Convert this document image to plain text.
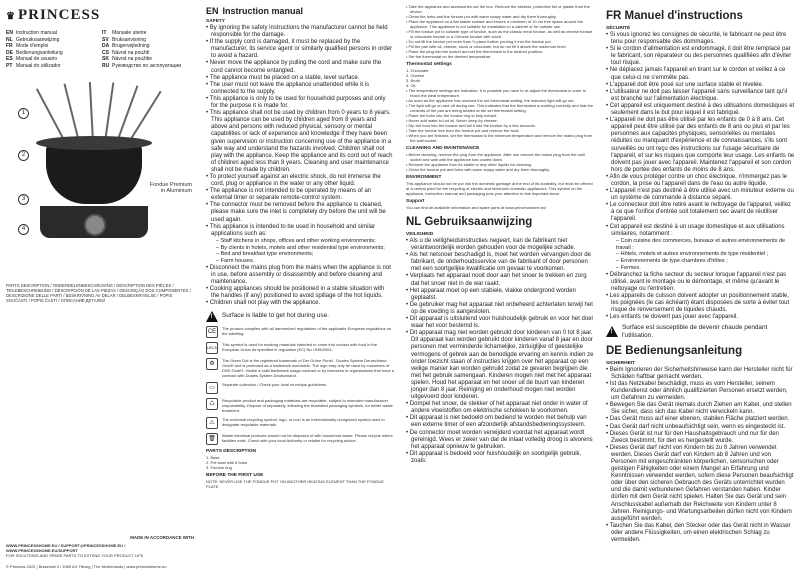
♛ PRINCESS
EN Instruction manual	IT Manuale utente
NL Gebruiksaanwijzing	SV Bruksanvisning
FR Mode d'emploi	DA Brugervejledning
DE Bedienungsanleitung	CS Návod na použití
ES Manual de usuario	SK Návod na použitie
PT Manual do utilizador	RU Руководство по эксплуатации
1
2
3
4
Fondue Premium
in Aluminium
PARTS DESCRIPTION / ONDERDELENBESCHRIJVING / DESCRIPTION DES PIÈCES / TEILEBESCHREIBUNG / DESCRIPCIÓN DE LAS PIEZAS / DESCRIÇÃO DOS COMPONENTES / DESCRIZIONE DELLE PARTI / BESKRIVNING AV DELAR / DELBESKRIVELSE / POPIS SOUČÁSTÍ / POPIS ČASTÍ / ОПИСАНИЕ ДЕТАЛЕЙ
MADE IN ACCORDANCE WITH
WWW.PRINCESSHOME.EU / SUPPORT@PRINCESSHOME.EU / WWW.PRINCESSHOME.EU/SUPPORT
FOR SOLUTIONS AND SPARE PARTS TO EXTEND YOUR PRODUCT LIFE
© Princess 2022 | Buisenrat 3 / 1069 AX Tilburg | The Netherlands | www.princesshome.eu
EN Instruction manual
SAFETY
• By ignoring the safety instructions the manufacturer cannot be held responsible for the damage.
• If the supply cord is damaged, it must be replaced by the manufacturer, its service agent or similarly qualified persons in order to avoid a hazard.
• Never move the appliance by pulling the cord and make sure the cord cannot become entangled.
• The appliance must be placed on a stable, level surface.
• The user must not leave the appliance unattended while it is connected to the supply.
• This appliance is only to be used for household purposes and only for the purpose it is made for.
• This appliance shall not be used by children from 0 years to 8 years. This appliance can be used by children aged from 8 years and above and persons with reduced physical, sensory or mental capabilities or lack of experience and knowledge if they have been given supervision or instruction concerning use of the appliance in a safe way and understand the hazards involved. Children shall not play with the appliance. Keep the appliance and its cord out of reach of children aged less than 8 years. Cleaning and user maintenance shall not be made by children.
• To protect yourself against an electric shock, do not immerse the cord, plug or appliance in the water or any other liquid.
• The appliance is not intended to be operated by means of an external timer or separate remote-control system.
• The connector must be removed before the appliance is cleaned, please make sure the inlet is completely dry before the unit will be used again.
• This appliance is intended to be used in household and similar applications such as:
– Staff kitchens in shops, offices and other working environments;
– By clients in hotels, motels and other residential type environments;
– Bed and breakfast type environments;
– Farm houses.
• Disconnect the mains plug from the mains when the appliance is not in use, before assembly or disassembly and before cleaning and maintenance.
• Cooking appliances should be positioned in a stable situation with the handles (if any) positioned to avoid spillage of the hot liquids.
• Children shall not play with the appliance.
! Surface is liable to get hot during use.
CE
The product complies with all harmonized regulations of the applicable European regulations on the labelling.
UKCA
This symbol is used for marking materials intended to come into contact with food in the European Union as specified in regulation (EC) No 1935/2004.
♻
The Green Dot is the registered trademark of Der Grüne Punkt - Duales System Deutschland GmbH and is protected as a trademark worldwide. The logo may only be used by customers of DSD GmbH. Visible a valid trademark usage contract or by licensees in organisations that have a contract with Duales System Deutschland.
▭
Separate collection / Check your local municipal guidelines.
♺
Recyclable product and packaging materials are recyclable, subject to extended manufacturer responsibility. Dispose of separately, following the illustrated packaging symbols, for better waste treatment.
⚠
The universal recycling symbol, logo, or icon is an internationally recognized symbol used to designate recyclable materials.
🗑
Waste electrical products should not be disposed of with household waste. Please recycle where facilities exist. Check with your local Authority or retailer for recycling advice.
PARTS DESCRIPTION
1. Base
2. Pot bowl with 6 forks
3. Fondue ring
BEFORE THE FIRST USE
NOTE: NEVER USE THE FONDUE POT ON ANOTHER HEATING ELEMENT THAN THE FONDUE PLATE.
• Take the appliance and accessories out the box. Remove the stickers, protective foil or plastic from the device.
• Clean the forks and the fondue pot with warm soapy water and dry them thoroughly.
• Place the appliance on a flat stable surface and ensure a minimum of 10 cm free space around the appliance. This appliance is not suitable for installation in a cabinet or for outside use.
• Fill the fondue pot to suitable type of fondue, such as the classic meat fondue, as well as cheese fondue or chocolate fondue or a Chinese fondue with stock.
• Do not fill the fondue pot more than ⅔ place further pouring it into the fondue pot.
• Fill the pan with oil, cheese, stock or chocolate, but do not fill it above the maximum level.
• Place the plug into the socket and set the thermostat to the desired position.
• Set the thermostat on the desired temperature.
Thermostat settings
1. Chocolate
2. Cheese
3. Broth
4. Oil
• The temperature settings are indicative. It is possible you have to re-adjust the thermostat in order to reach the ideal temperature.
• As soon as the appliance has reached the set thermostat setting, the indicator light will go out.
• The light will go on and off during use. This indicates that the thermostat is working correctly and that the contents of the pan are being heated at the set thermostat setting.
• Place the forks into the fondue ring to fully extract.
• Never add water to hot oil. Never deep-fry cheese.
• Dip the food into the fondue and fall it into the fondue fry a few seconds.
• Take the fondue fork from the fondue pot and remove the food.
• When you are finished, set the thermostat to the minimum temperature and remove the mains plug from the wall socket.
CLEANING AND MAINTENANCE
• Before cleaning, remove the plug from the appliance. After use remove the mains plug from the wall socket and wait until the appliance has cooled down.
• Remove the appliance from its stable or any other liquids for cleaning.
• Clean the fondue pot and forks with warm soapy water and dry them thoroughly.
ENVIRONMENT
This appliance should not be put into the domestic garbage at the end of its durability, but must be offered at a central point for the recycling of electric and electronic domestic appliances. This symbol on the appliance, instruction manual and packaging puts your attention to this important issue.
Support
You can find all available information and spare parts at www.princesshome.eu!
NL Gebruiksaanwijzing
VEILIGHEID
• Als u de veiligheidsinstructies negeert, kan de fabrikant niet verantwoordelijk worden gehouden voor de mogelijke schade.
• Als het netsnoer beschadigd is, moet het worden vervangen door de fabrikant, de onderhoudsservice van de fabrikant of door personen met een soortgelijke kwalificatie om gevaar te voorkomen.
• Verplaats het apparaat nooit door aan het snoer te trekken en zorg dat het snoer niet in de war raakt.
• Het apparaat moet op een stabiele, vlakke ondergrond worden geplaatst.
• De gebruiker mag het apparaat niet onbeheerd achterlaten terwijl het op de voeding is aangesloten.
• Dit apparaat is uitsluitend voor huishoudelijk gebruik en voor het doel waar het voor bestemd is.
• Dit apparaat mag niet worden gebruikt door kinderen van 0 tot 8 jaar. Dit apparaat kan worden gebruikt door kinderen vanaf 8 jaar en door personen met verminderde lichamelijke, zintuiglijke of geestelijke vermogens of gebrek aan de benodigde ervaring en kennis indien ze onder toezicht staan of instructies krijgen over het apparaat op een veilige manier kan worden gebruikt zodat ze gevaren begrijpen die met het gebruik samengaan. Kinderen mogen niet met het apparaat spelen. Houd het apparaat en het snoer uit de buurt van kinderen jonger dan 8 jaar. Reiniging en onderhoud mogen niet worden uitgevoerd door kinderen.
• Dompel het snoer, de stekker of het apparaat niet onder in water of andere vloeistoffen om elektrische schokken te voorkomen.
• Dit apparaat is niet bedoeld om bediend te worden met behulp van een externe timer of een afzonderlijk afstandsbedieningssysteem.
• De connector moet worden verwijderd voordat het apparaat wordt gereinigd. Wees er zeker van dat de inlaat volledig droog is alvorens het apparaat opnieuw te gebruiken.
• Dit apparaat is bedoeld voor huishoudelijk en soortgelijk gebruik, zoals:
FR Manuel d'instructions
SÉCURITÉ
• Si vous ignorez les consignes de sécurité, le fabricant ne peut être tenu pour responsable des dommages.
• Si le cordon d'alimentation est endommagé, il doit être remplacé par le fabricant, son réparateur ou des personnes qualifiées afin d'éviter tout risque.
• Ne déplacez jamais l'appareil en tirant sur le cordon et veillez à ce que celui-ci ne s'emmêle pas.
• L'appareil doit être posé sur une surface stable et nivelée.
• L'utilisateur ne doit pas laisser l'appareil sans surveillance tant qu'il est branché sur l'alimentation électrique.
• Cet appareil est uniquement destiné à des utilisations domestiques et seulement dans le but pour lequel il est fabriqué.
• L'appareil ne doit pas être utilisé par les enfants de 0 à 8 ans. Cet appareil peut être utilisé par des enfants de 8 ans ou plus et par les personnes aux capacités physiques, sensorielles ou mentales réduites ou manquant d'expérience et de connaissances, s'ils sont surveillés ou ont reçu des instructions sur l'usage sécuritaire de l'appareil, et sur les risques que comporte leur usage. Les enfants ne doivent pas jouer avec l'appareil. Maintenez l'appareil et son cordon hors de portée des enfants de moins de 8 ans.
• Afin de vous protéger contre un choc électrique, n'immergez pas le cordon, la prise ou l'appareil dans de l'eau ou autre liquide.
• L'appareil n'est pas destiné à être utilisé avec un minuteur externe ou un système de commande à distance séparé.
• Le connecteur doit être retiré avant le nettoyage de l'appareil, veillez à ce que l'orifice d'entrée soit totalement sec avant de réutiliser l'appareil.
• Cet appareil est destiné à un usage domestique et aux utilisations similaires, notamment :
– Coin cuisine des commerces, bureaux et autres environnements de travail ;
– Hôtels, motels et autres environnements de type résidentiel ;
– Environnements de type chambres d'hôtes ;
– Fermes.
• Débranchez la fiche secteur du secteur lorsque l'appareil n'est pas utilisé, avant le montage ou le démontage, et même qu'avant le nettoyage ou l'entretien.
• Les appareils de cuisson doivent adopter un positionnement stable, les poignées (le cas échéant) étant disposées de sorte à éviter tout risque de renversement de liquides chauds.
• Les enfants ne doivent pas jouer avec l'appareil.
!
Surface est susceptible de devenir chaude pendant l'utilisation.
DE Bedienungsanleitung
SICHERHEIT
• Beim Ignorieren der Sicherheitshinweise kann der Hersteller nicht für Schäden haftbar gemacht werden.
• Ist das Netzkabel beschädigt, muss es vom Hersteller, seinem Kundendienst oder ähnlich qualifizierten Personen ersetzt werden, um Gefahren zu vermeiden.
• Bewegen Sie das Gerät niemals durch Ziehen am Kabel, und stellen Sie sicher, dass sich das Kabel nicht verwickeln kann.
• Das Gerät muss auf einer ebenen, stabilen Fläche platziert werden.
• Das Gerät darf nicht unbeaufsichtigt sein, wenn es eingesteckt ist.
• Dieses Gerät ist nur für den Haushaltsgebrauch und nur für den Zweck bestimmt, für den es hergestellt wurde.
• Dieses Gerät darf nicht von Kindern bis zu 8 Jahren verwendet werden. Dieses Gerät darf von Kindern ab 8 Jahren und von Personen mit eingeschränkten körperlichen, sensorischen oder geistigen Fähigkeiten oder einem Mangel an Erfahrung und Kenntnissen verwendet werden, sofern diese Personen beaufsichtigt oder über den sicheren Gebrauch des Geräts unterrichtet wurden und die damit verbundenen Gefahren verstanden haben. Kinder dürfen mit dem Gerät nicht spielen. Halten Sie das Gerät und sein Anschlusskabel außerhalb der Reichweite von Kindern unter 8 Jahren. Reinigungs- und Wartungsarbeiten dürfen nicht von Kindern ausgeführt werden.
• Tauchen Sie das Kabel, den Stecker oder das Gerät nicht in Wasser oder andere Flüssigkeiten, um einen elektrischen Schlag zu vermeiden.
